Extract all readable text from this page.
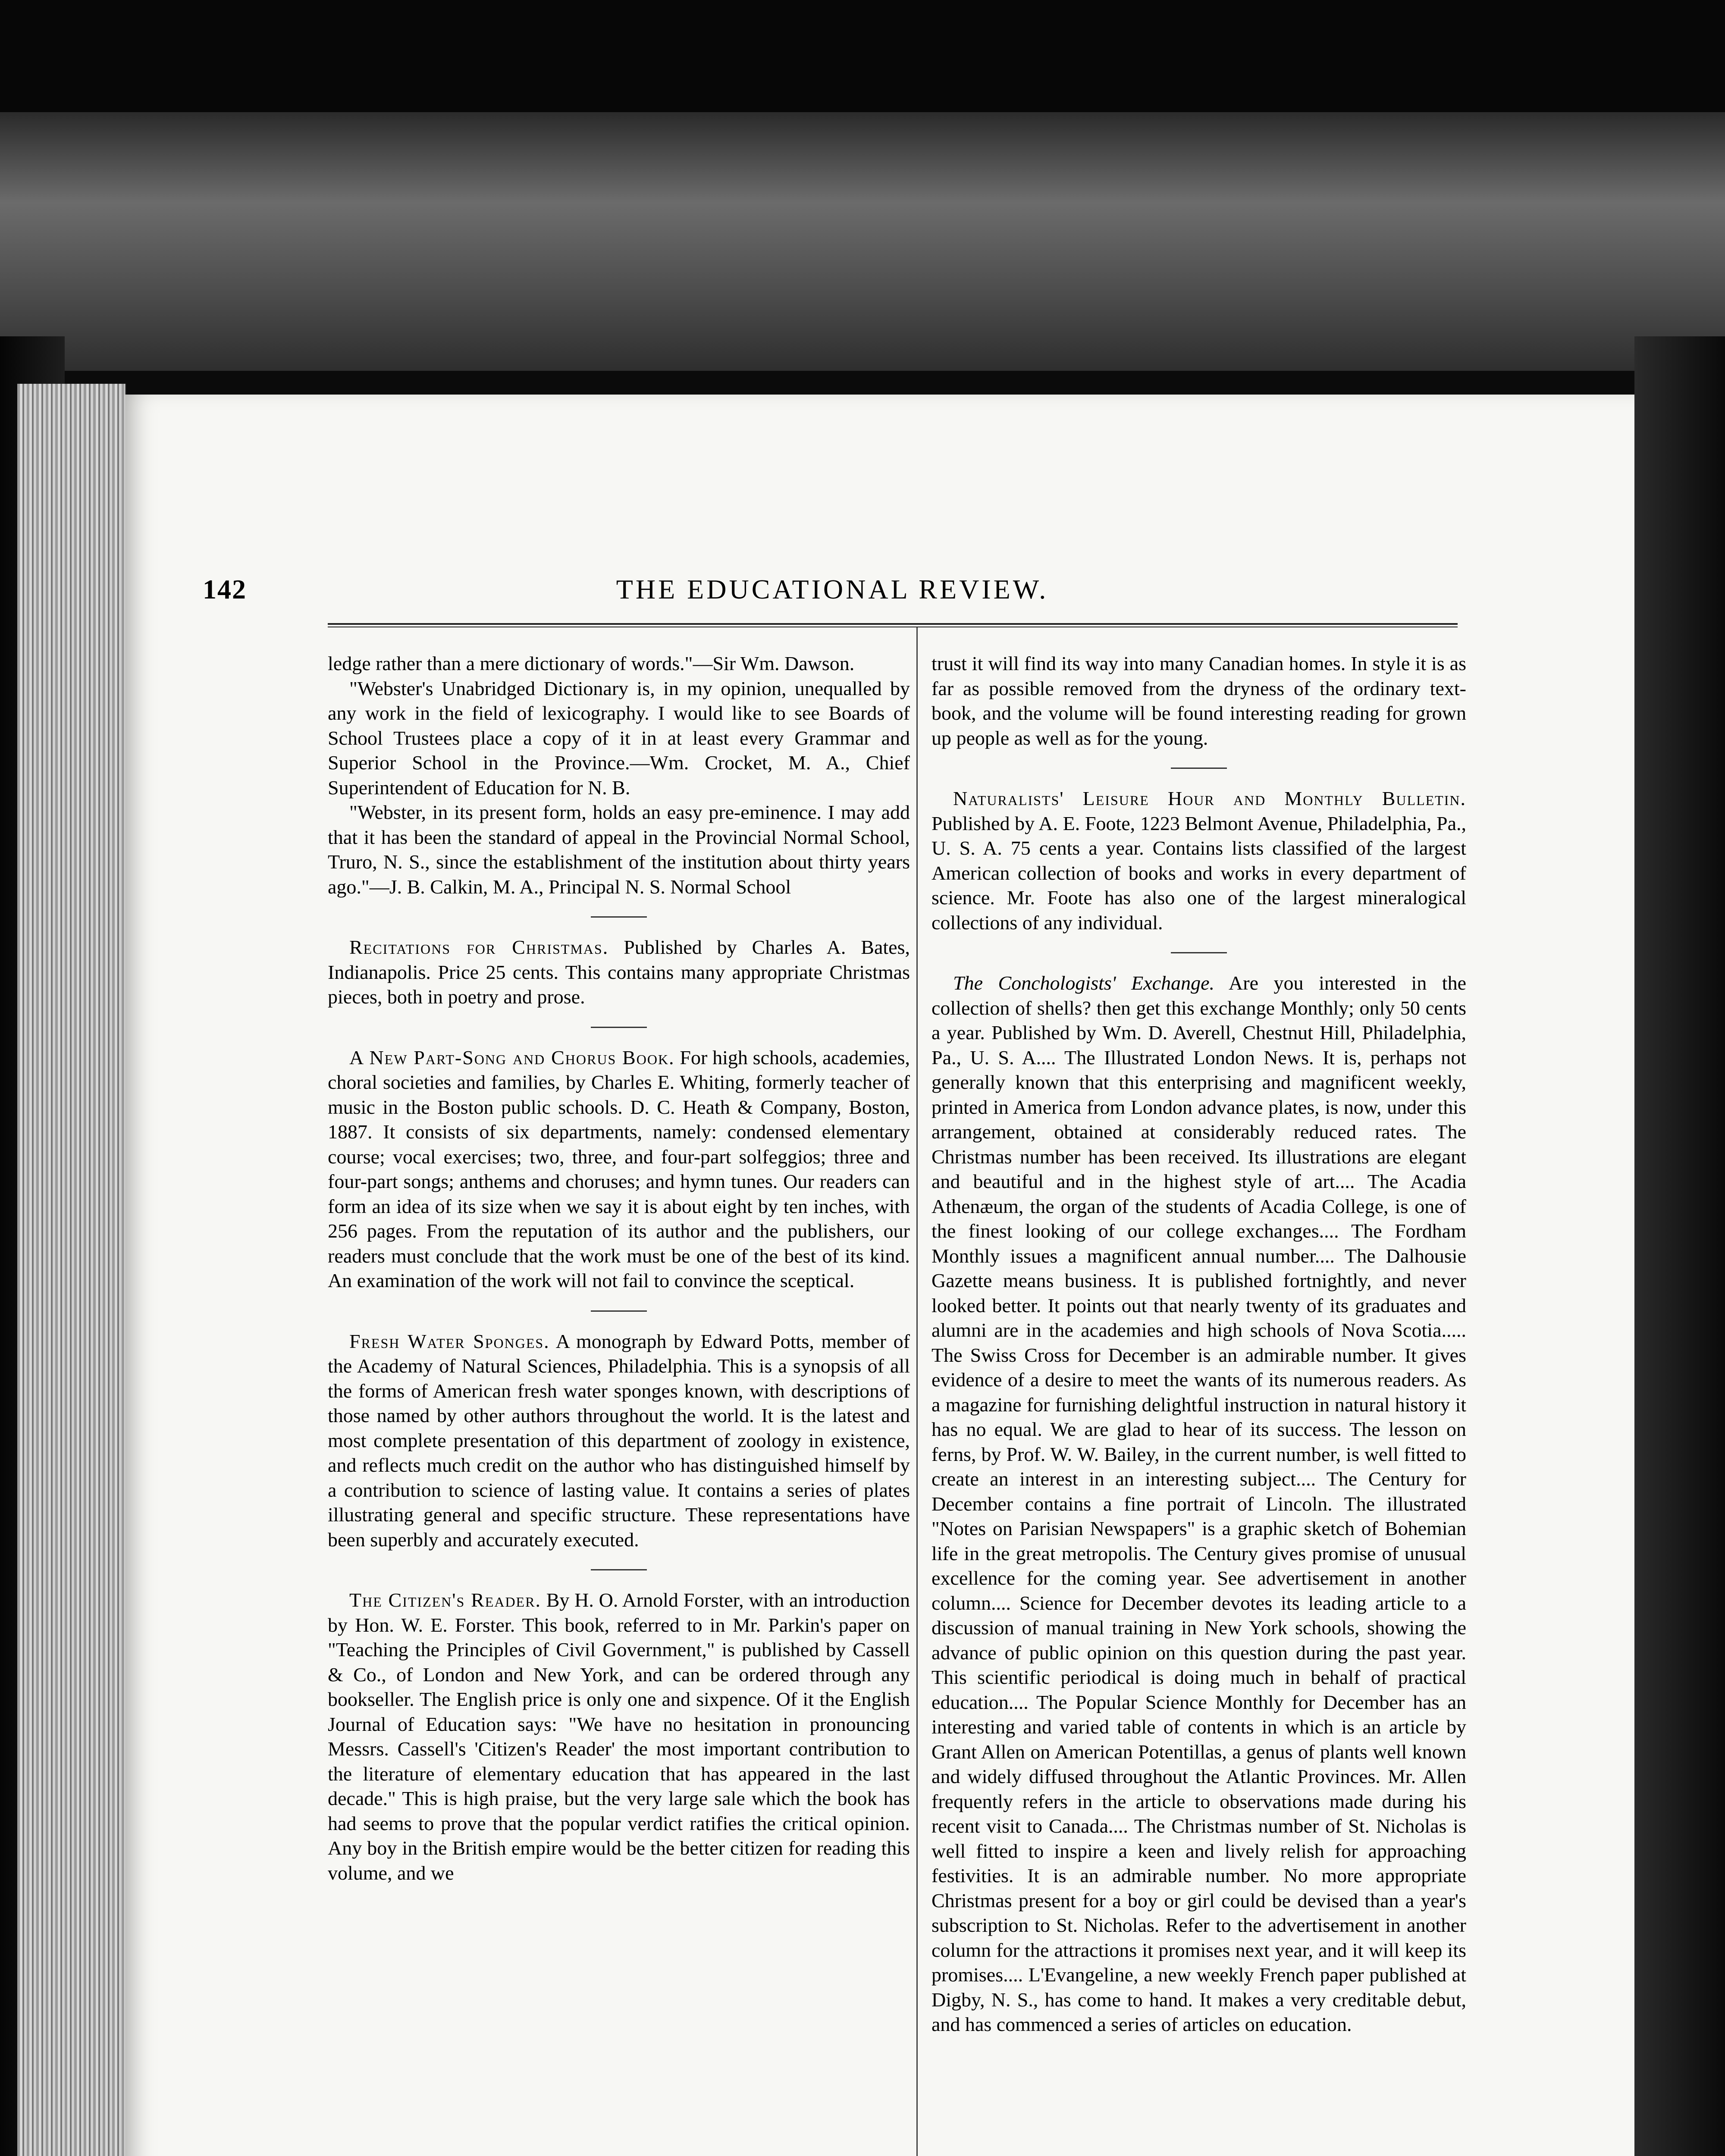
142	THE EDUCATIONAL REVIEW.

ledge rather than a mere dictionary of words."—Sir Wm. Dawson.

"Webster's Unabridged Dictionary is, in my opinion, unequalled by any work in the field of lexicography. I would like to see Boards of School Trustees place a copy of it in at least every Grammar and Superior School in the Province.—Wm. Crocket, M. A., Chief Superintendent of Education for N. B.

"Webster, in its present form, holds an easy pre-eminence. I may add that it has been the standard of appeal in the Provincial Normal School, Truro, N. S., since the establishment of the institution about thirty years ago."—J. B. Calkin, M. A., Principal N. S. Normal School

Recitations for Christmas. Published by Charles A. Bates, Indianapolis. Price 25 cents. This contains many appropriate Christmas pieces, both in poetry and prose.

A New Part-Song and Chorus Book. For high schools, academies, choral societies and families, by Charles E. Whiting, formerly teacher of music in the Boston public schools. D. C. Heath & Company, Boston, 1887. It consists of six departments, namely: condensed elementary course; vocal exercises; two, three, and four-part solfeggios; three and four-part songs; anthems and choruses; and hymn tunes. Our readers can form an idea of its size when we say it is about eight by ten inches, with 256 pages. From the reputation of its author and the publishers, our readers must conclude that the work must be one of the best of its kind. An examination of the work will not fail to convince the sceptical.

Fresh Water Sponges. A monograph by Edward Potts, member of the Academy of Natural Sciences, Philadelphia. This is a synopsis of all the forms of American fresh water sponges known, with descriptions of those named by other authors throughout the world. It is the latest and most complete presentation of this department of zoology in existence, and reflects much credit on the author who has distinguished himself by a contribution to science of lasting value. It contains a series of plates illustrating general and specific structure. These representations have been superbly and accurately executed.

The Citizen's Reader. By H. O. Arnold Forster, with an introduction by Hon. W. E. Forster. This book, referred to in Mr. Parkin's paper on "Teaching the Principles of Civil Government," is published by Cassell & Co., of London and New York, and can be ordered through any bookseller. The English price is only one and sixpence. Of it the English Journal of Education says: "We have no hesitation in pronouncing Messrs. Cassell's 'Citizen's Reader' the most important contribution to the literature of elementary education that has appeared in the last decade." This is high praise, but the very large sale which the book has had seems to prove that the popular verdict ratifies the critical opinion. Any boy in the British empire would be the better citizen for reading this volume, and we

trust it will find its way into many Canadian homes. In style it is as far as possible removed from the dryness of the ordinary text-book, and the volume will be found interesting reading for grown up people as well as for the young.

Naturalists' Leisure Hour and Monthly Bulletin. Published by A. E. Foote, 1223 Belmont Avenue, Philadelphia, Pa., U. S. A. 75 cents a year. Contains lists classified of the largest American collection of books and works in every department of science. Mr. Foote has also one of the largest mineralogical collections of any individual.

The Conchologists' Exchange. Are you interested in the collection of shells? then get this exchange Monthly; only 50 cents a year. Published by Wm. D. Averell, Chestnut Hill, Philadelphia, Pa., U. S. A.... The Illustrated London News. It is, perhaps not generally known that this enterprising and magnificent weekly, printed in America from London advance plates, is now, under this arrangement, obtained at considerably reduced rates. The Christmas number has been received. Its illustrations are elegant and beautiful and in the highest style of art.... The Acadia Athenæum, the organ of the students of Acadia College, is one of the finest looking of our college exchanges.... The Fordham Monthly issues a magnificent annual number.... The Dalhousie Gazette means business. It is published fortnightly, and never looked better. It points out that nearly twenty of its graduates and alumni are in the academies and high schools of Nova Scotia..... The Swiss Cross for December is an admirable number. It gives evidence of a desire to meet the wants of its numerous readers. As a magazine for furnishing delightful instruction in natural history it has no equal. We are glad to hear of its success. The lesson on ferns, by Prof. W. W. Bailey, in the current number, is well fitted to create an interest in an interesting subject.... The Century for December contains a fine portrait of Lincoln. The illustrated "Notes on Parisian Newspapers" is a graphic sketch of Bohemian life in the great metropolis. The Century gives promise of unusual excellence for the coming year. See advertisement in another column.... Science for December devotes its leading article to a discussion of manual training in New York schools, showing the advance of public opinion on this question during the past year. This scientific periodical is doing much in behalf of practical education.... The Popular Science Monthly for December has an interesting and varied table of contents in which is an article by Grant Allen on American Potentillas, a genus of plants well known and widely diffused throughout the Atlantic Provinces. Mr. Allen frequently refers in the article to observations made during his recent visit to Canada.... The Christmas number of St. Nicholas is well fitted to inspire a keen and lively relish for approaching festivities. It is an admirable number. No more appropriate Christmas present for a boy or girl could be devised than a year's subscription to St. Nicholas. Refer to the advertisement in another column for the attractions it promises next year, and it will keep its promises.... L'Evangeline, a new weekly French paper published at Digby, N. S., has come to hand. It makes a very creditable debut, and has commenced a series of articles on education.
